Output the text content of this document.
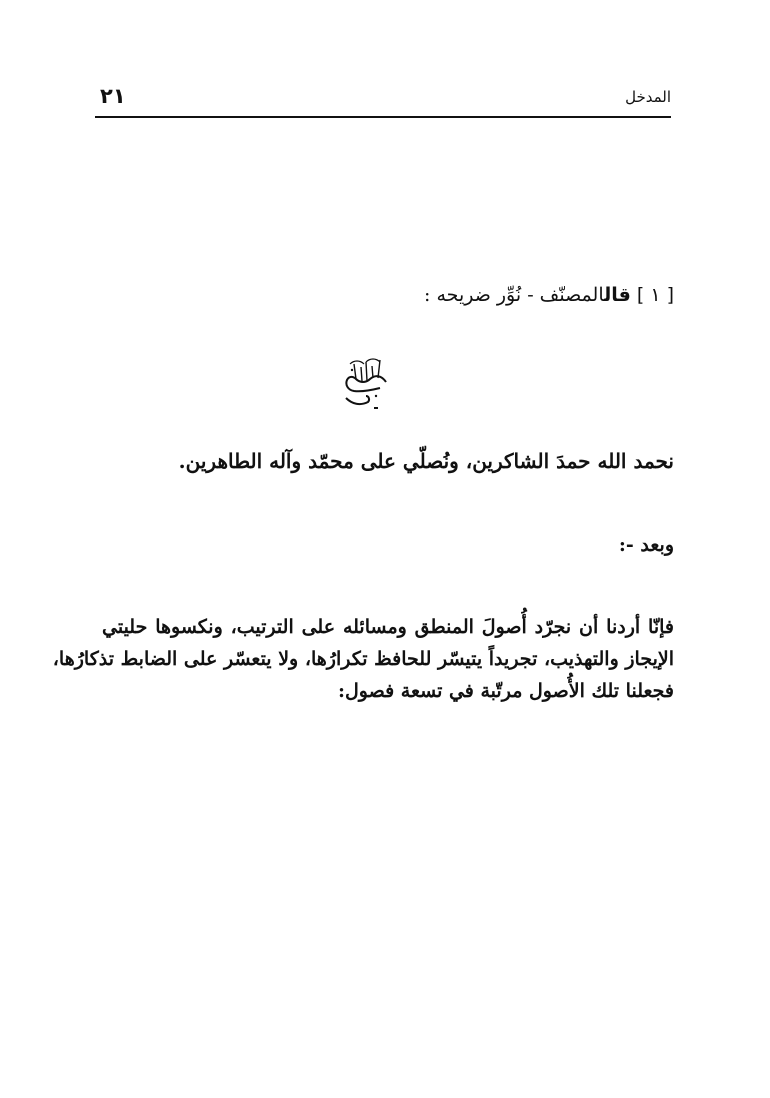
٢١	المدخل
[ ١ ] قالالمصنّف - نُوِّر ضريحه :
نحمد الله حمدَ الشاكرين، ونُصلّي على محمّد وآله الطاهرين.
وبعد -:
فإنّا أردنا أن نجرّد أُصولَ المنطق ومسائله على الترتيب، ونكسوها حليتي
الإيجاز والتهذيب، تجريداً يتيسّر للحافظ تكرارُها، ولا يتعسّر على الضابط تذكارُها،
فجعلنا تلك الأُصول مرتّبة في تسعة فصول:
